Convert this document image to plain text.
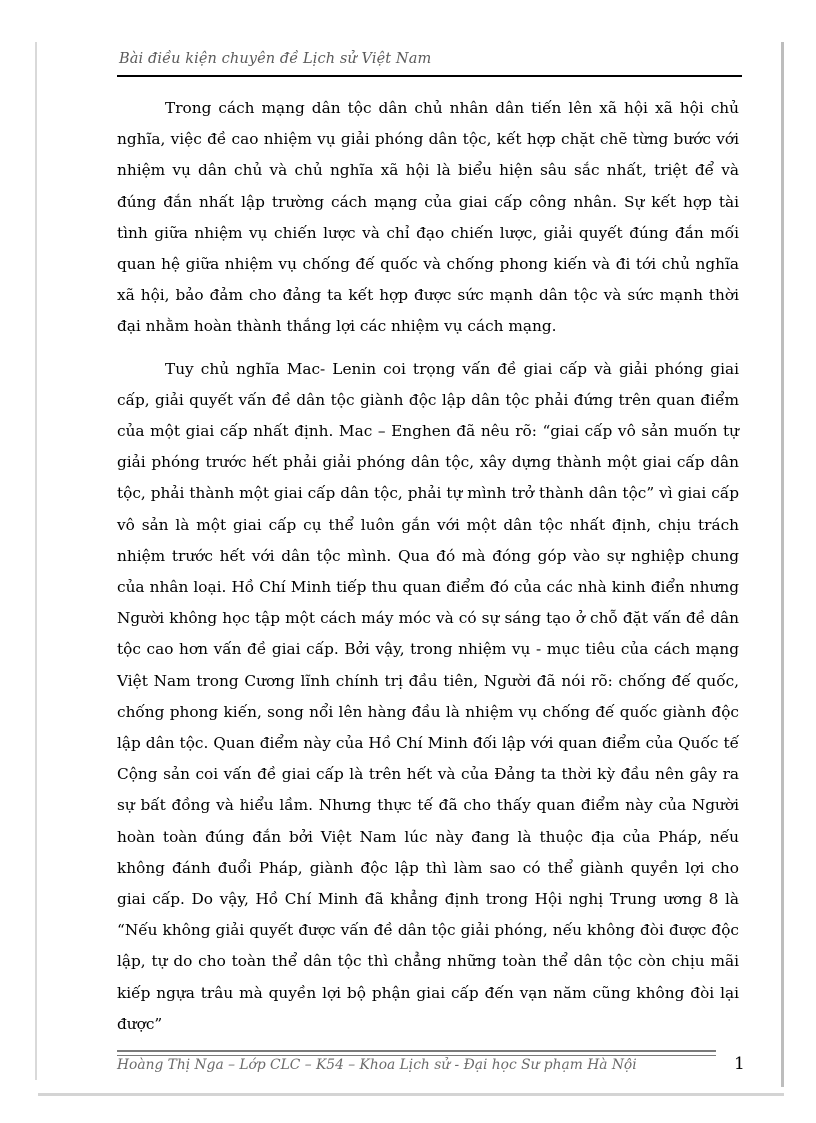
Bài điều kiện chuyên đề Lịch sử Việt Nam

Trong cách mạng dân tộc dân chủ nhân dân tiến lên xã hội xã hội chủ nghĩa, việc đề cao nhiệm vụ giải phóng dân tộc, kết hợp chặt chẽ từng bước với nhiệm vụ dân chủ và chủ nghĩa xã hội là biểu hiện sâu sắc nhất, triệt để và đúng đắn nhất lập trường cách mạng của giai cấp công nhân. Sự kết hợp tài tình giữa nhiệm vụ chiến lược và chỉ đạo chiến lược, giải quyết đúng đắn mối quan hệ giữa nhiệm vụ chống đế quốc và chống phong kiến và đi tới chủ nghĩa xã hội, bảo đảm cho đảng ta kết hợp được sức mạnh dân tộc và sức mạnh thời đại nhằm hoàn thành thắng lợi các nhiệm vụ cách mạng.

Tuy chủ nghĩa Mac- Lenin coi trọng vấn đề giai cấp và giải phóng giai cấp, giải quyết vấn đề dân tộc giành độc lập dân tộc phải đứng trên quan điểm của một giai cấp nhất định. Mac – Enghen đã nêu rõ: “giai cấp vô sản muốn tự giải phóng trước hết phải giải phóng dân tộc, xây dựng thành một giai cấp dân tộc, phải thành một giai cấp dân tộc, phải tự mình trở thành dân tộc” vì giai cấp vô sản là một giai cấp cụ thể luôn gắn với một dân tộc nhất định, chịu trách nhiệm trước hết với dân tộc mình. Qua đó mà đóng góp vào sự nghiệp chung của nhân loại. Hồ Chí Minh tiếp thu quan điểm đó của các nhà kinh điển nhưng Người không học tập một cách máy móc và có sự sáng tạo ở chỗ đặt vấn đề dân tộc cao hơn vấn đề giai cấp. Bởi vậy, trong nhiệm vụ - mục tiêu của cách mạng Việt Nam trong Cương lĩnh chính trị đầu tiên, Người đã nói rõ: chống đế quốc, chống phong kiến, song nổi lên hàng đầu là nhiệm vụ chống đế quốc giành độc lập dân tộc. Quan điểm này của Hồ Chí Minh đối lập với quan điểm của Quốc tế Cộng sản coi vấn đề giai cấp là trên hết và của Đảng ta thời kỳ đầu nên gây ra sự bất đồng và hiểu lầm. Nhưng thực tế đã cho thấy quan điểm này của Người hoàn toàn đúng đắn bởi Việt Nam lúc này đang là thuộc địa của Pháp, nếu không đánh đuổi Pháp, giành độc lập thì làm sao có thể giành quyền lợi cho giai cấp. Do vậy, Hồ Chí Minh đã khẳng định trong Hội nghị Trung ương 8 là “Nếu không giải quyết được vấn đề dân tộc giải phóng, nếu không đòi được độc lập, tự do cho toàn thể dân tộc thì chẳng những toàn thể dân tộc còn chịu mãi kiếp ngựa trâu mà quyền lợi bộ phận giai cấp đến vạn năm cũng không đòi lại được”

Hoàng Thị Nga – Lớp CLC – K54 – Khoa Lịch sử - Đại học Sư phạm Hà Nội	1
